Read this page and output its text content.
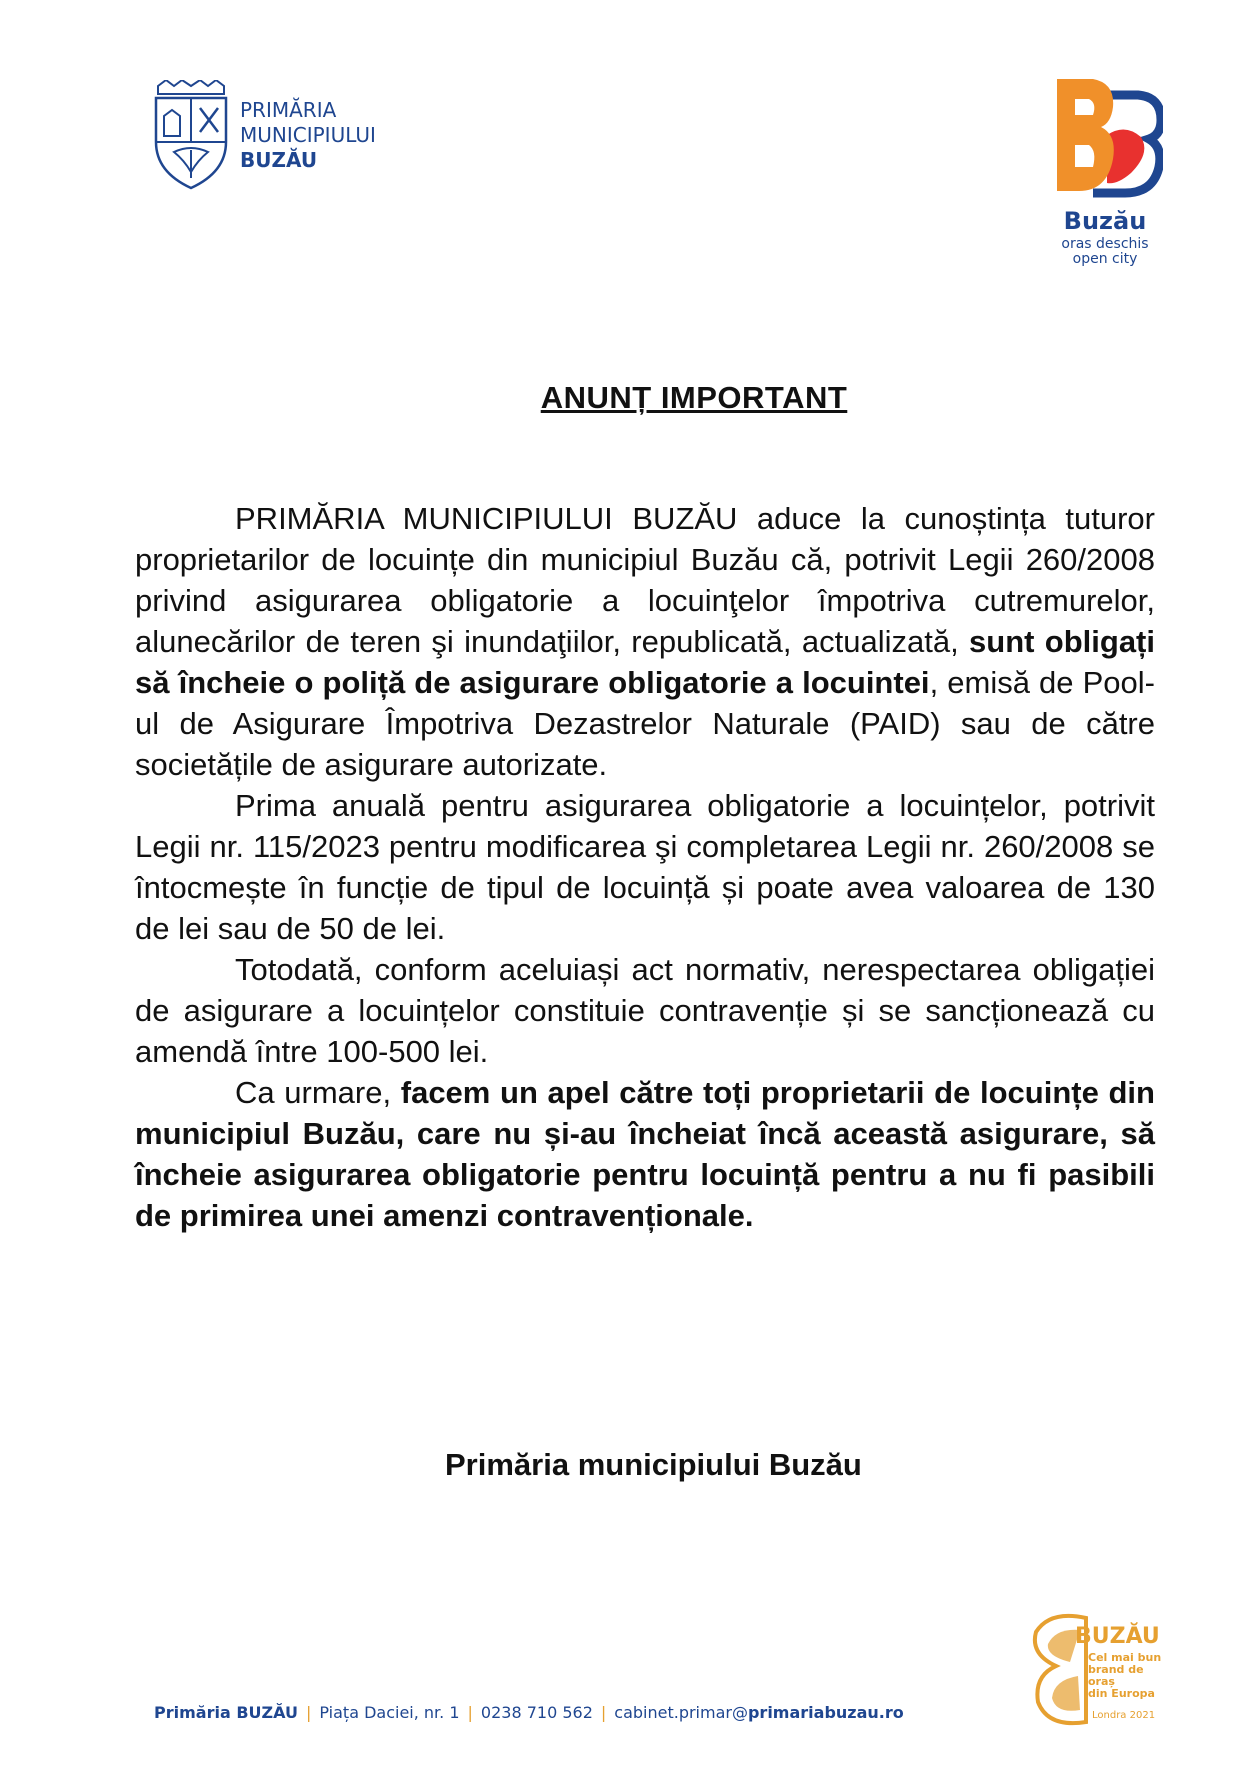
PRIMĂRIA
MUNICIPIULUI
BUZĂU
Buzău
oras deschis
open city
ANUNȚ IMPORTANT

PRIMĂRIA MUNICIPIULUI BUZĂU aduce la cunoștința tuturor proprietarilor de locuințe din municipiul Buzău că, potrivit Legii 260/2008 privind asigurarea obligatorie a locuinţelor împotriva cutremurelor, alunecărilor de teren şi inundaţiilor, republicată, actualizată, sunt obligați să încheie o poliță de asigurare obligatorie a locuintei, emisă de Pool-ul de Asigurare Împotriva Dezastrelor Naturale (PAID) sau de către societățile de asigurare autorizate.

Prima anuală pentru asigurarea obligatorie a locuințelor, potrivit Legii nr. 115/2023 pentru modificarea şi completarea Legii nr. 260/2008 se întocmește în funcție de tipul de locuință și poate avea valoarea de 130 de lei sau de 50 de lei.

Totodată, conform aceluiași act normativ, nerespectarea obligației de asigurare a locuințelor constituie contravenție și se sancționează cu amendă între 100-500 lei.

Ca urmare, facem un apel către toți proprietarii de locuințe din municipiul Buzău, care nu și-au încheiat încă această asigurare, să încheie asigurarea obligatorie pentru locuință pentru a nu fi pasibili de primirea unei amenzi contravenționale.

Primăria municipiului Buzău
Primăria BUZĂU | Piața Daciei, nr. 1 | 0238 710 562 | cabinet.primar@primariabuzau.ro
BUZĂU
Cel mai bun
brand de oraș
din Europa
Londra 2021
